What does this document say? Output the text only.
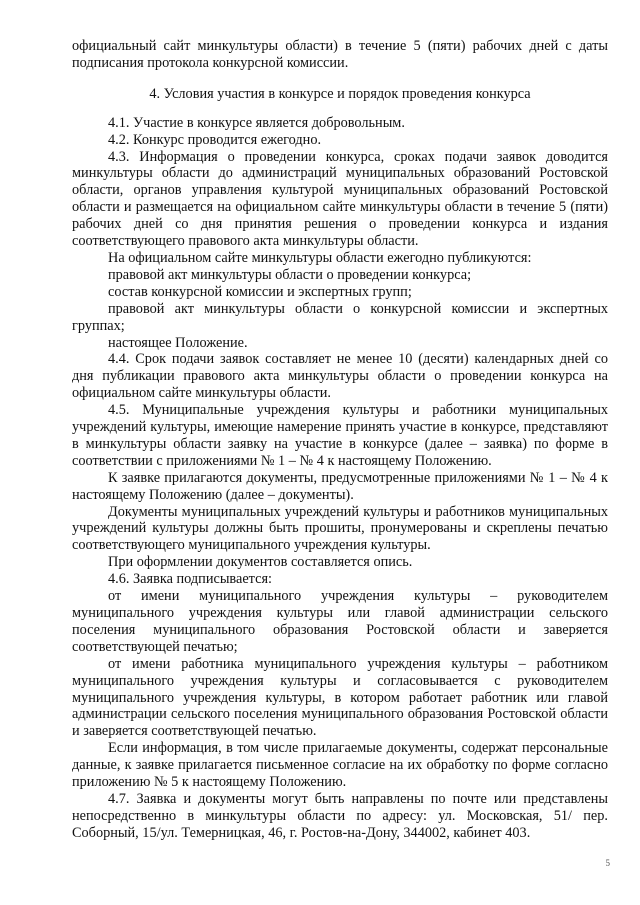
официальный сайт минкультуры области) в течение 5 (пяти) рабочих дней с даты подписания протокола конкурсной комиссии.

4. Условия участия в конкурсе и порядок проведения конкурса

4.1. Участие в конкурсе является добровольным.

4.2. Конкурс проводится ежегодно.

4.3. Информация о проведении конкурса, сроках подачи заявок доводится минкультуры области до администраций муниципальных образований Ростовской области, органов управления культурой муниципальных образований Ростовской области и размещается на официальном сайте минкультуры области в течение 5 (пяти) рабочих дней со дня принятия решения о проведении конкурса и издания соответствующего правового акта минкультуры области.

На официальном сайте минкультуры области ежегодно публикуются:

правовой акт минкультуры области о проведении конкурса;

состав конкурсной комиссии и экспертных групп;

правовой акт минкультуры области о конкурсной комиссии и экспертных группах;

настоящее Положение.

4.4. Срок подачи заявок составляет не менее 10 (десяти) календарных дней со дня публикации правового акта минкультуры области о проведении конкурса на официальном сайте минкультуры области.

4.5. Муниципальные учреждения культуры и работники муниципальных учреждений культуры, имеющие намерение принять участие в конкурсе, представляют в минкультуры области заявку на участие в конкурсе (далее – заявка) по форме в соответствии с приложениями № 1 – № 4 к настоящему Положению.

К заявке прилагаются документы, предусмотренные приложениями № 1 – № 4 к настоящему Положению (далее – документы).

Документы муниципальных учреждений культуры и работников муниципальных учреждений культуры должны быть прошиты, пронумерованы и скреплены печатью соответствующего муниципального учреждения культуры.

При оформлении документов составляется опись.

4.6. Заявка подписывается:

от имени муниципального учреждения культуры – руководителем муниципального учреждения культуры или главой администрации сельского поселения муниципального образования Ростовской области и заверяется соответствующей печатью;

от имени работника муниципального учреждения культуры – работником муниципального учреждения культуры и согласовывается с руководителем муниципального учреждения культуры, в котором работает работник или главой администрации сельского поселения муниципального образования Ростовской области и заверяется соответствующей печатью.

Если информация, в том числе прилагаемые документы, содержат персональные данные, к заявке прилагается письменное согласие на их обработку по форме согласно приложению № 5 к настоящему Положению.

4.7. Заявка и документы могут быть направлены по почте или представлены непосредственно в минкультуры области по адресу: ул. Московская, 51/ пер. Соборный, 15/ул. Темерницкая, 46, г. Ростов-на-Дону, 344002, кабинет 403.

5
